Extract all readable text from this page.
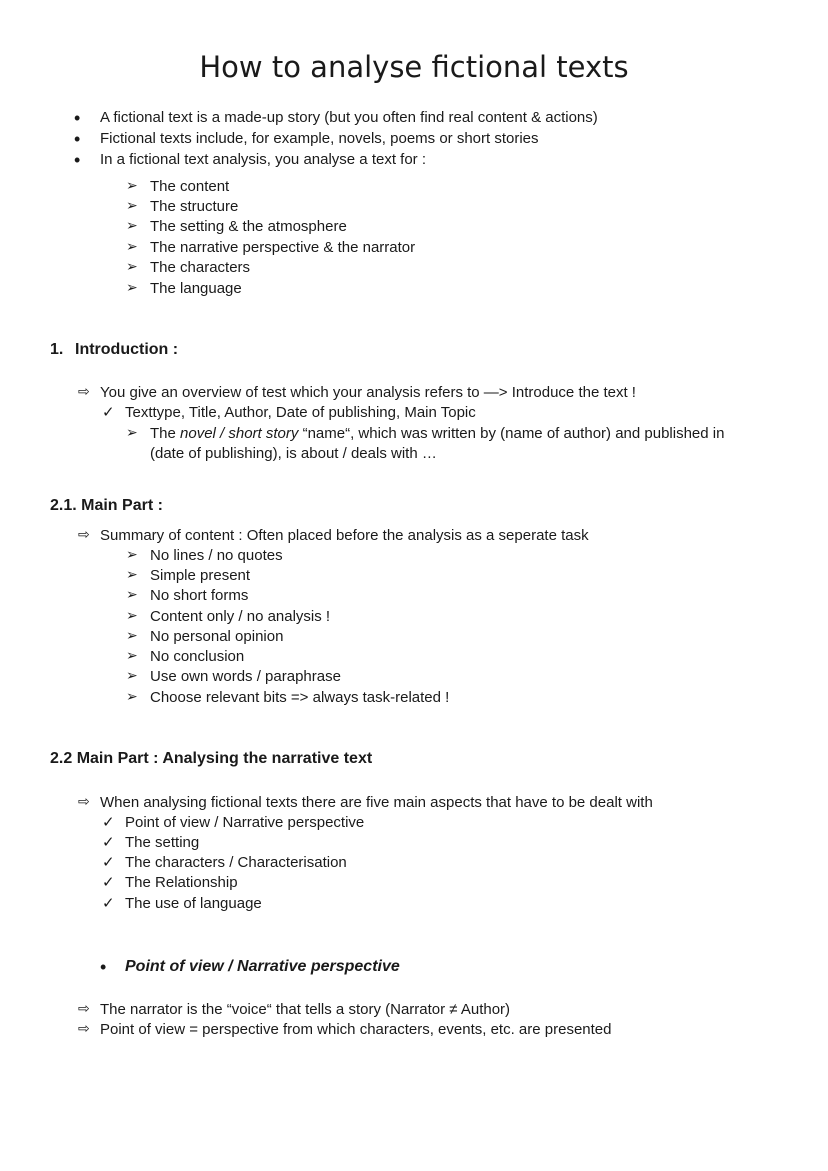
How to analyse fictional texts
• A fictional text is a made-up story (but you often find real content & actions)
• Fictional texts include, for example, novels, poems or short stories
• In a fictional text analysis, you analyse a text for :
➢ The content
➢ The structure
➢ The setting & the atmosphere
➢ The narrative perspective & the narrator
➢ The characters
➢ The language
1. Introduction :
⇨ You give an overview of test which your analysis refers to —> Introduce the text !
✓ Texttype, Title, Author, Date of publishing, Main Topic
➢ The novel / short story “name“, which was written by (name of author) and published in
(date of publishing), is about / deals with …
2.1. Main Part :
⇨ Summary of content : Often placed before the analysis as a seperate task
➢ No lines / no quotes
➢ Simple present
➢ No short forms
➢ Content only / no analysis !
➢ No personal opinion
➢ No conclusion
➢ Use own words / paraphrase
➢ Choose relevant bits => always task-related !
2.2 Main Part : Analysing the narrative text
⇨ When analysing fictional texts there are five main aspects that have to be dealt with
✓ Point of view / Narrative perspective
✓ The setting
✓ The characters / Characterisation
✓ The Relationship
✓ The use of language
• Point of view / Narrative perspective
⇨ The narrator is the “voice“ that tells a story (Narrator ≠ Author)
⇨ Point of view = perspective from which characters, events, etc. are presented
